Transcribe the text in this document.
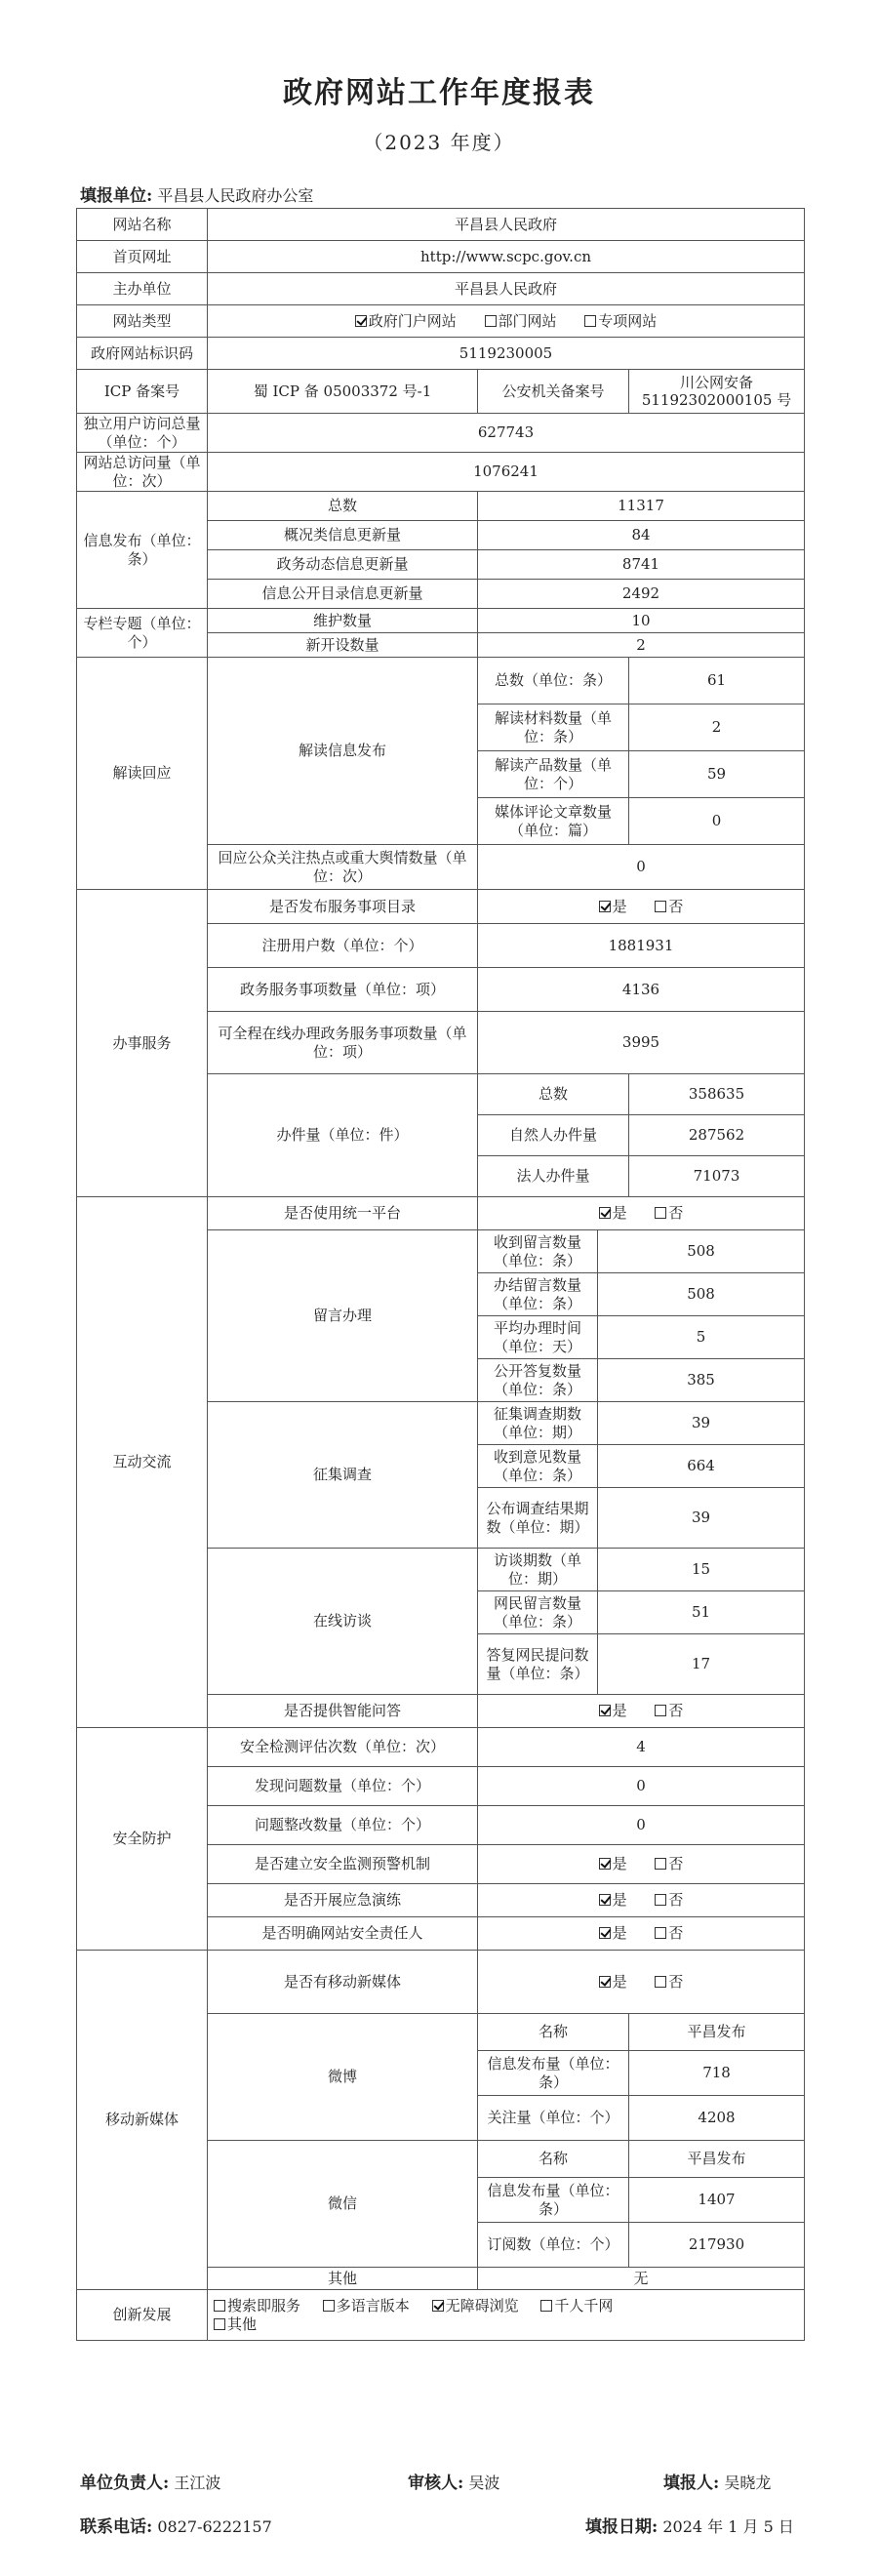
政府网站工作年度报表
（2023 年度）
填报单位: 平昌县人民政府办公室
网站名称	平昌县人民政府			
首页网址	http://www.scpc.gov.cn			
主办单位	平昌县人民政府			
网站类型	政府门户网站 部门网站 专项网站			
政府网站标识码	5119230005			
ICP 备案号	蜀 ICP 备 05003372 号-1	公安机关备案号		川公网安备 51192302000105 号
独立用户访问总量（单位：个）	627743			
网站总访问量（单位：次）	1076241			
信息发布（单位：条）	总数	11317		
	概况类信息更新量	84		
	政务动态信息更新量	8741		
	信息公开目录信息更新量	2492		
专栏专题（单位：个）	维护数量	10		
	新开设数量	2		
解读回应	解读信息发布	总数（单位：条）		61
		解读材料数量（单位：条）		2
		解读产品数量（单位：个）		59
		媒体评论文章数量（单位：篇）		0
	回应公众关注热点或重大舆情数量（单位：次）	0		
办事服务	是否发布服务事项目录	是 否		
	注册用户数（单位：个）	1881931		
	政务服务事项数量（单位：项）	4136		
	可全程在线办理政务服务事项数量（单位：项）	3995		
	办件量（单位：件）	总数		358635
		自然人办件量		287562
		法人办件量		71073
互动交流	是否使用统一平台	是 否		
	留言办理	收到留言数量（单位：条）	508	
		办结留言数量（单位：条）	508	
		平均办理时间（单位：天）	5	
		公开答复数量（单位：条）	385	
	征集调查	征集调查期数（单位：期）	39	
		收到意见数量（单位：条）	664	
		公布调查结果期数（单位：期）	39	
	在线访谈	访谈期数（单位：期）	15	
		网民留言数量（单位：条）	51	
		答复网民提问数量（单位：条）	17	
	是否提供智能问答	是 否		
安全防护	安全检测评估次数（单位：次）	4		
	发现问题数量（单位：个）	0		
	问题整改数量（单位：个）	0		
	是否建立安全监测预警机制	是 否		
	是否开展应急演练	是 否		
	是否明确网站安全责任人	是 否		
移动新媒体	是否有移动新媒体	是 否		
	微博	名称		平昌发布
		信息发布量（单位：条）		718
		关注量（单位：个）		4208
	微信	名称		平昌发布
		信息发布量（单位：条）		1407
		订阅数（单位：个）		217930
	其他	无		
创新发展	搜索即服务 多语言版本 无障碍浏览 千人千网
其他			
单位负责人: 王江波	审核人: 吴波	填报人: 吴晓龙
联系电话: 0827-6222157	填报日期: 2024 年 1 月 5 日
